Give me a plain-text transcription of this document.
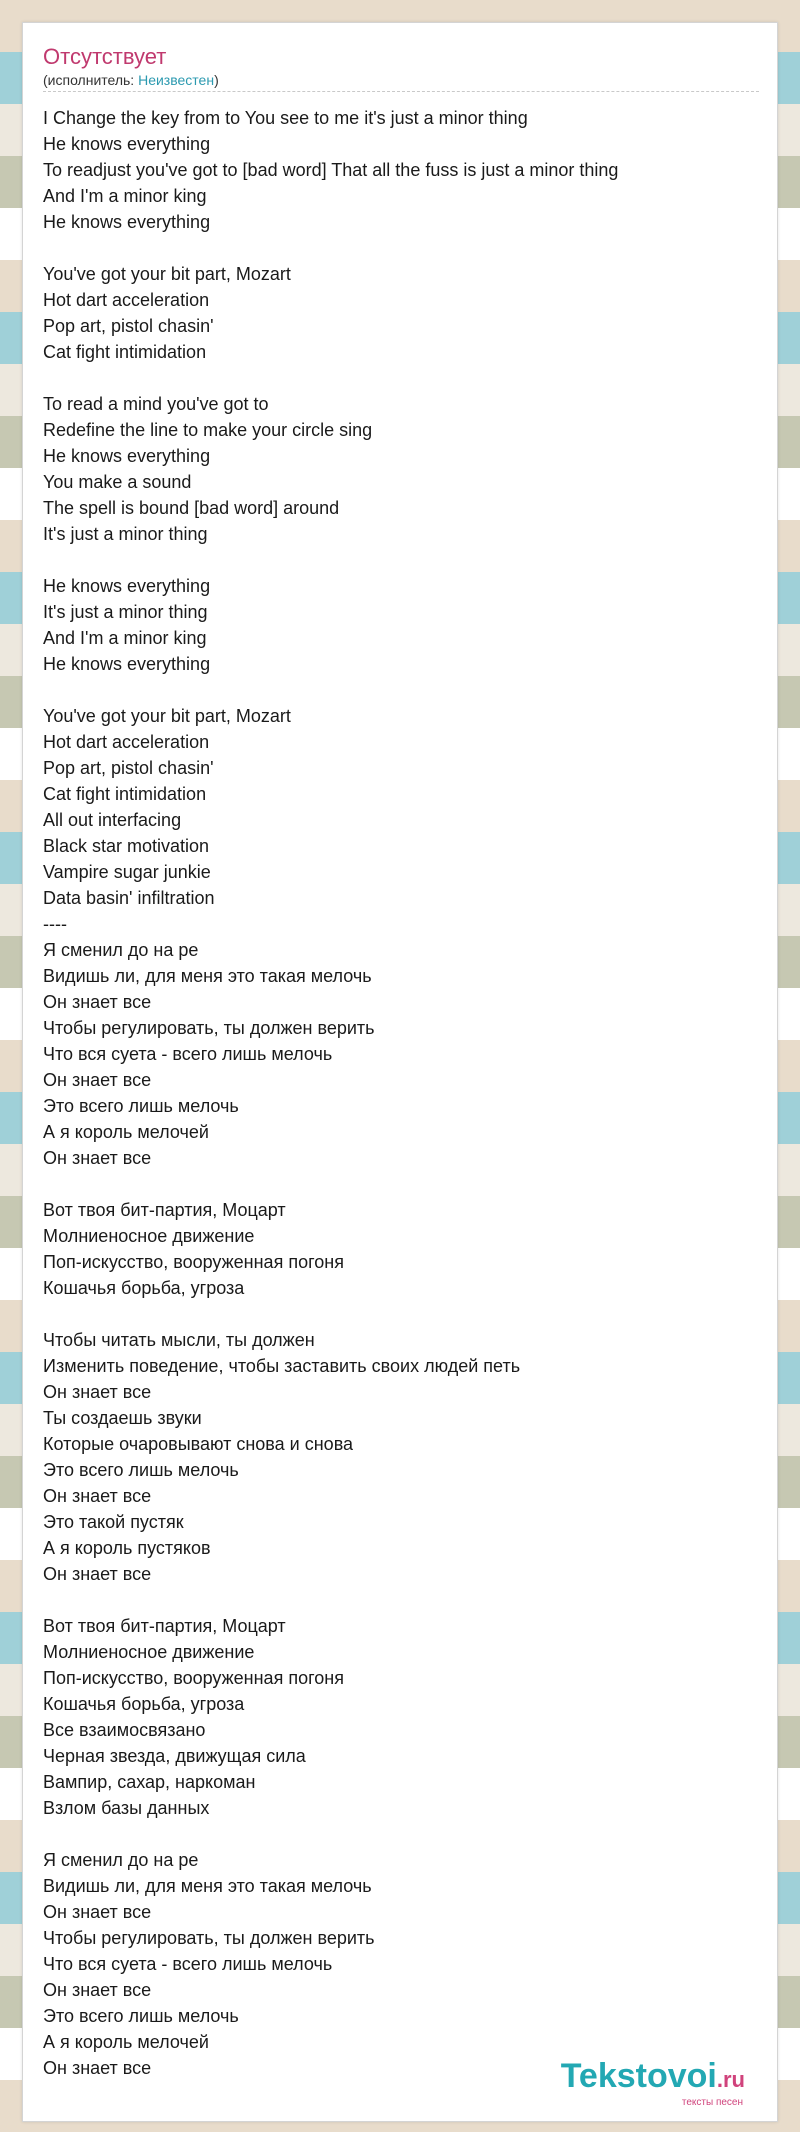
Отсутствует
(исполнитель: Неизвестен)
I Change the key from to You see to me it's just a minor thing
He knows everything
To readjust you've got to [bad word] That all the fuss is just a minor thing
And I'm a minor king
He knows everything

You've got your bit part, Mozart
Hot dart acceleration
Pop art, pistol chasin'
Cat fight intimidation

To read a mind you've got to
Redefine the line to make your circle sing
He knows everything
You make a sound
The spell is bound [bad word] around
It's just a minor thing

He knows everything
It's just a minor thing
And I'm a minor king
He knows everything

You've got your bit part, Mozart
Hot dart acceleration
Pop art, pistol chasin'
Cat fight intimidation
All out interfacing
Black star motivation
Vampire sugar junkie
Data basin' infiltration
----
Я сменил до на ре
Видишь ли, для меня это такая мелочь
Он знает все
Чтобы регулировать, ты должен верить
Что вся суета - всего лишь мелочь
Он знает все
Это всего лишь мелочь
А я король мелочей
Он знает все

Вот твоя бит-партия, Моцарт
Молниеносное движение
Поп-искусство, вооруженная погоня
Кошачья борьба, угроза

Чтобы читать мысли, ты должен
Изменить поведение, чтобы заставить своих людей петь
Он знает все
Ты создаешь звуки
Которые очаровывают снова и снова
Это всего лишь мелочь
Он знает все
Это такой пустяк
А я король пустяков
Он знает все

Вот твоя бит-партия, Моцарт
Молниеносное движение
Поп-искусство, вооруженная погоня
Кошачья борьба, угроза
Все взаимосвязано
Черная звезда, движущая сила
Вампир, сахар, наркоман
Взлом базы данных

Я сменил до на ре
Видишь ли, для меня это такая мелочь
Он знает все
Чтобы регулировать, ты должен верить
Что вся суета - всего лишь мелочь
Он знает все
Это всего лишь мелочь
А я король мелочей
Он знает все	Tekstovoi.ru
тексты песен
